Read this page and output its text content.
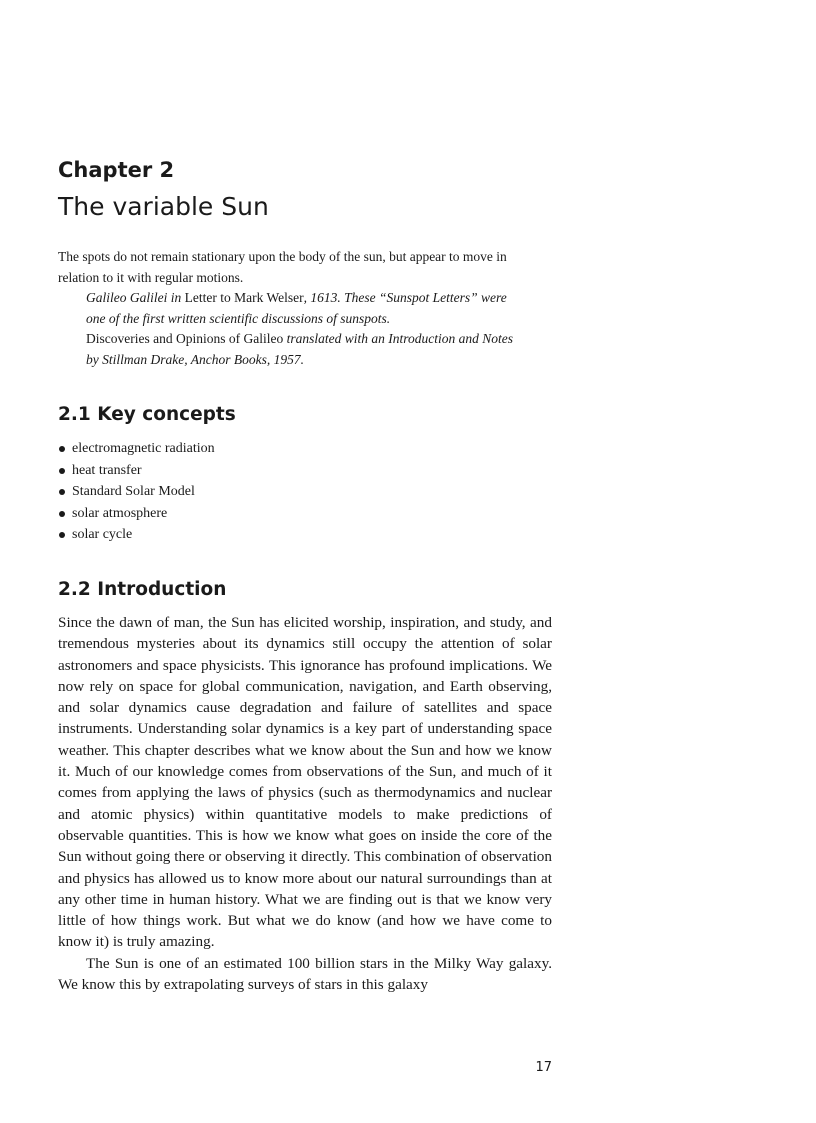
Chapter 2
The variable Sun

The spots do not remain stationary upon the body of the sun, but appear to move in relation to it with regular motions.

Galileo Galilei in Letter to Mark Welser, 1613. These “Sunspot Letters” were one of the first written scientific discussions of sunspots.

Discoveries and Opinions of Galileo translated with an Introduction and Notes by Stillman Drake, Anchor Books, 1957.

2.1 Key concepts
electromagnetic radiation
heat transfer
Standard Solar Model
solar atmosphere
solar cycle
2.2 Introduction

Since the dawn of man, the Sun has elicited worship, inspiration, and study, and tremendous mysteries about its dynamics still occupy the attention of solar astronomers and space physicists. This ignorance has profound implications. We now rely on space for global communication, navigation, and Earth observing, and solar dynamics cause degradation and failure of satellites and space instruments. Understanding solar dynamics is a key part of understanding space weather. This chapter describes what we know about the Sun and how we know it. Much of our knowledge comes from observations of the Sun, and much of it comes from applying the laws of physics (such as thermodynamics and nuclear and atomic physics) within quantitative models to make predictions of observable quantities. This is how we know what goes on inside the core of the Sun without going there or observing it directly. This combination of observation and physics has allowed us to know more about our natural surroundings than at any other time in human history. What we are finding out is that we know very little of how things work. But what we do know (and how we have come to know it) is truly amazing.

The Sun is one of an estimated 100 billion stars in the Milky Way galaxy. We know this by extrapolating surveys of stars in this galaxy

17
